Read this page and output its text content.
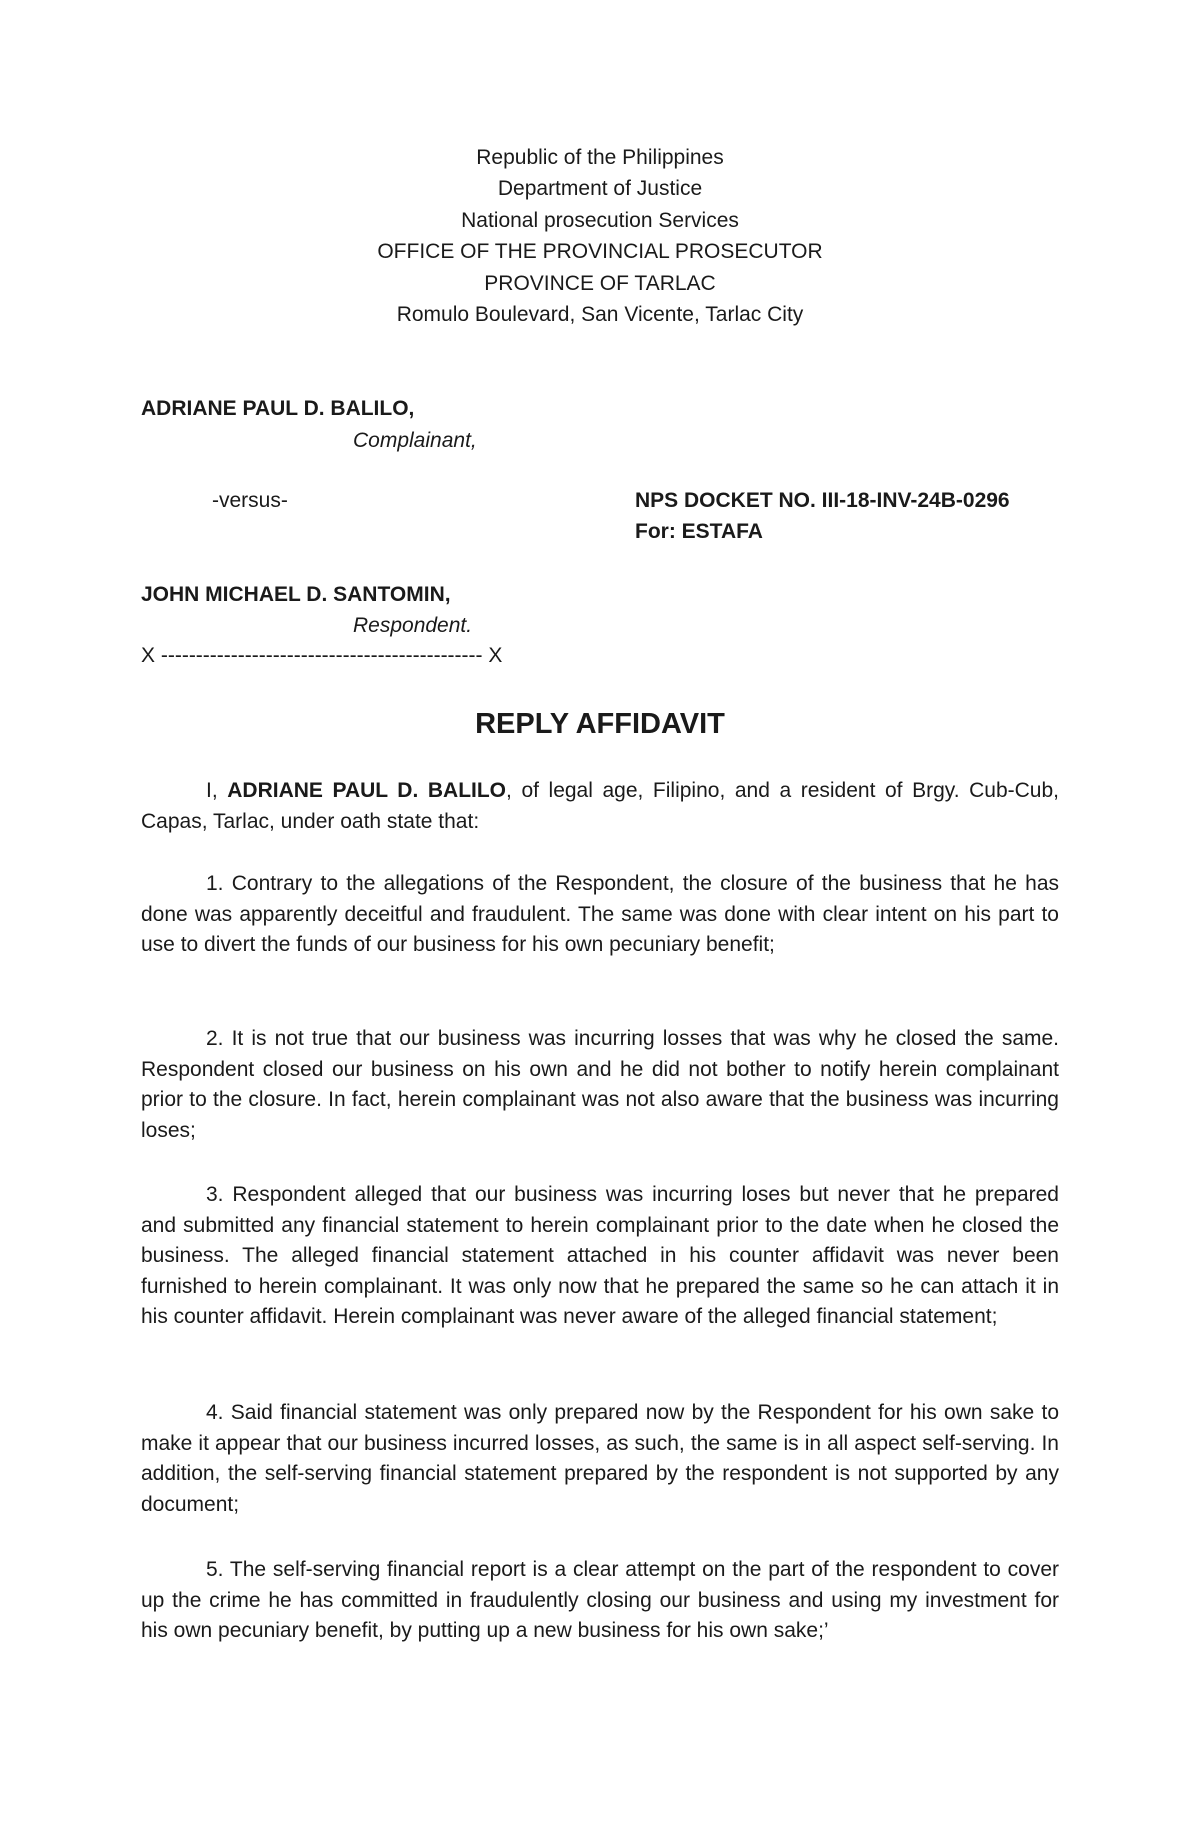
Republic of the Philippines
Department of Justice
National prosecution Services
OFFICE OF THE PROVINCIAL PROSECUTOR
PROVINCE OF TARLAC
Romulo Boulevard, San Vicente, Tarlac City
ADRIANE PAUL D. BALILO,
Complainant,
-versus-	NPS DOCKET NO. III-18-INV-24B-0296
For: ESTAFA
JOHN MICHAEL D. SANTOMIN,
Respondent.
X ---------------------------------------------- X
REPLY AFFIDAVIT
I, ADRIANE PAUL D. BALILO, of legal age, Filipino, and a resident of Brgy. Cub-Cub, Capas, Tarlac, under oath state that:
1. Contrary to the allegations of the Respondent, the closure of the business that he has done was apparently deceitful and fraudulent. The same was done with clear intent on his part to use to divert the funds of our business for his own pecuniary benefit;
2. It is not true that our business was incurring losses that was why he closed the same. Respondent closed our business on his own and he did not bother to notify herein complainant prior to the closure. In fact, herein complainant was not also aware that the business was incurring loses;
3. Respondent alleged that our business was incurring loses but never that he prepared and submitted any financial statement to herein complainant prior to the date when he closed the business. The alleged financial statement attached in his counter affidavit was never been furnished to herein complainant. It was only now that he prepared the same so he can attach it in his counter affidavit. Herein complainant was never aware of the alleged financial statement;
4. Said financial statement was only prepared now by the Respondent for his own sake to make it appear that our business incurred losses, as such, the same is in all aspect self-serving. In addition, the self-serving financial statement prepared by the respondent is not supported by any document;
5. The self-serving financial report is a clear attempt on the part of the respondent to cover up the crime he has committed in fraudulently closing our business and using my investment for his own pecuniary benefit, by putting up a new business for his own sake;’
